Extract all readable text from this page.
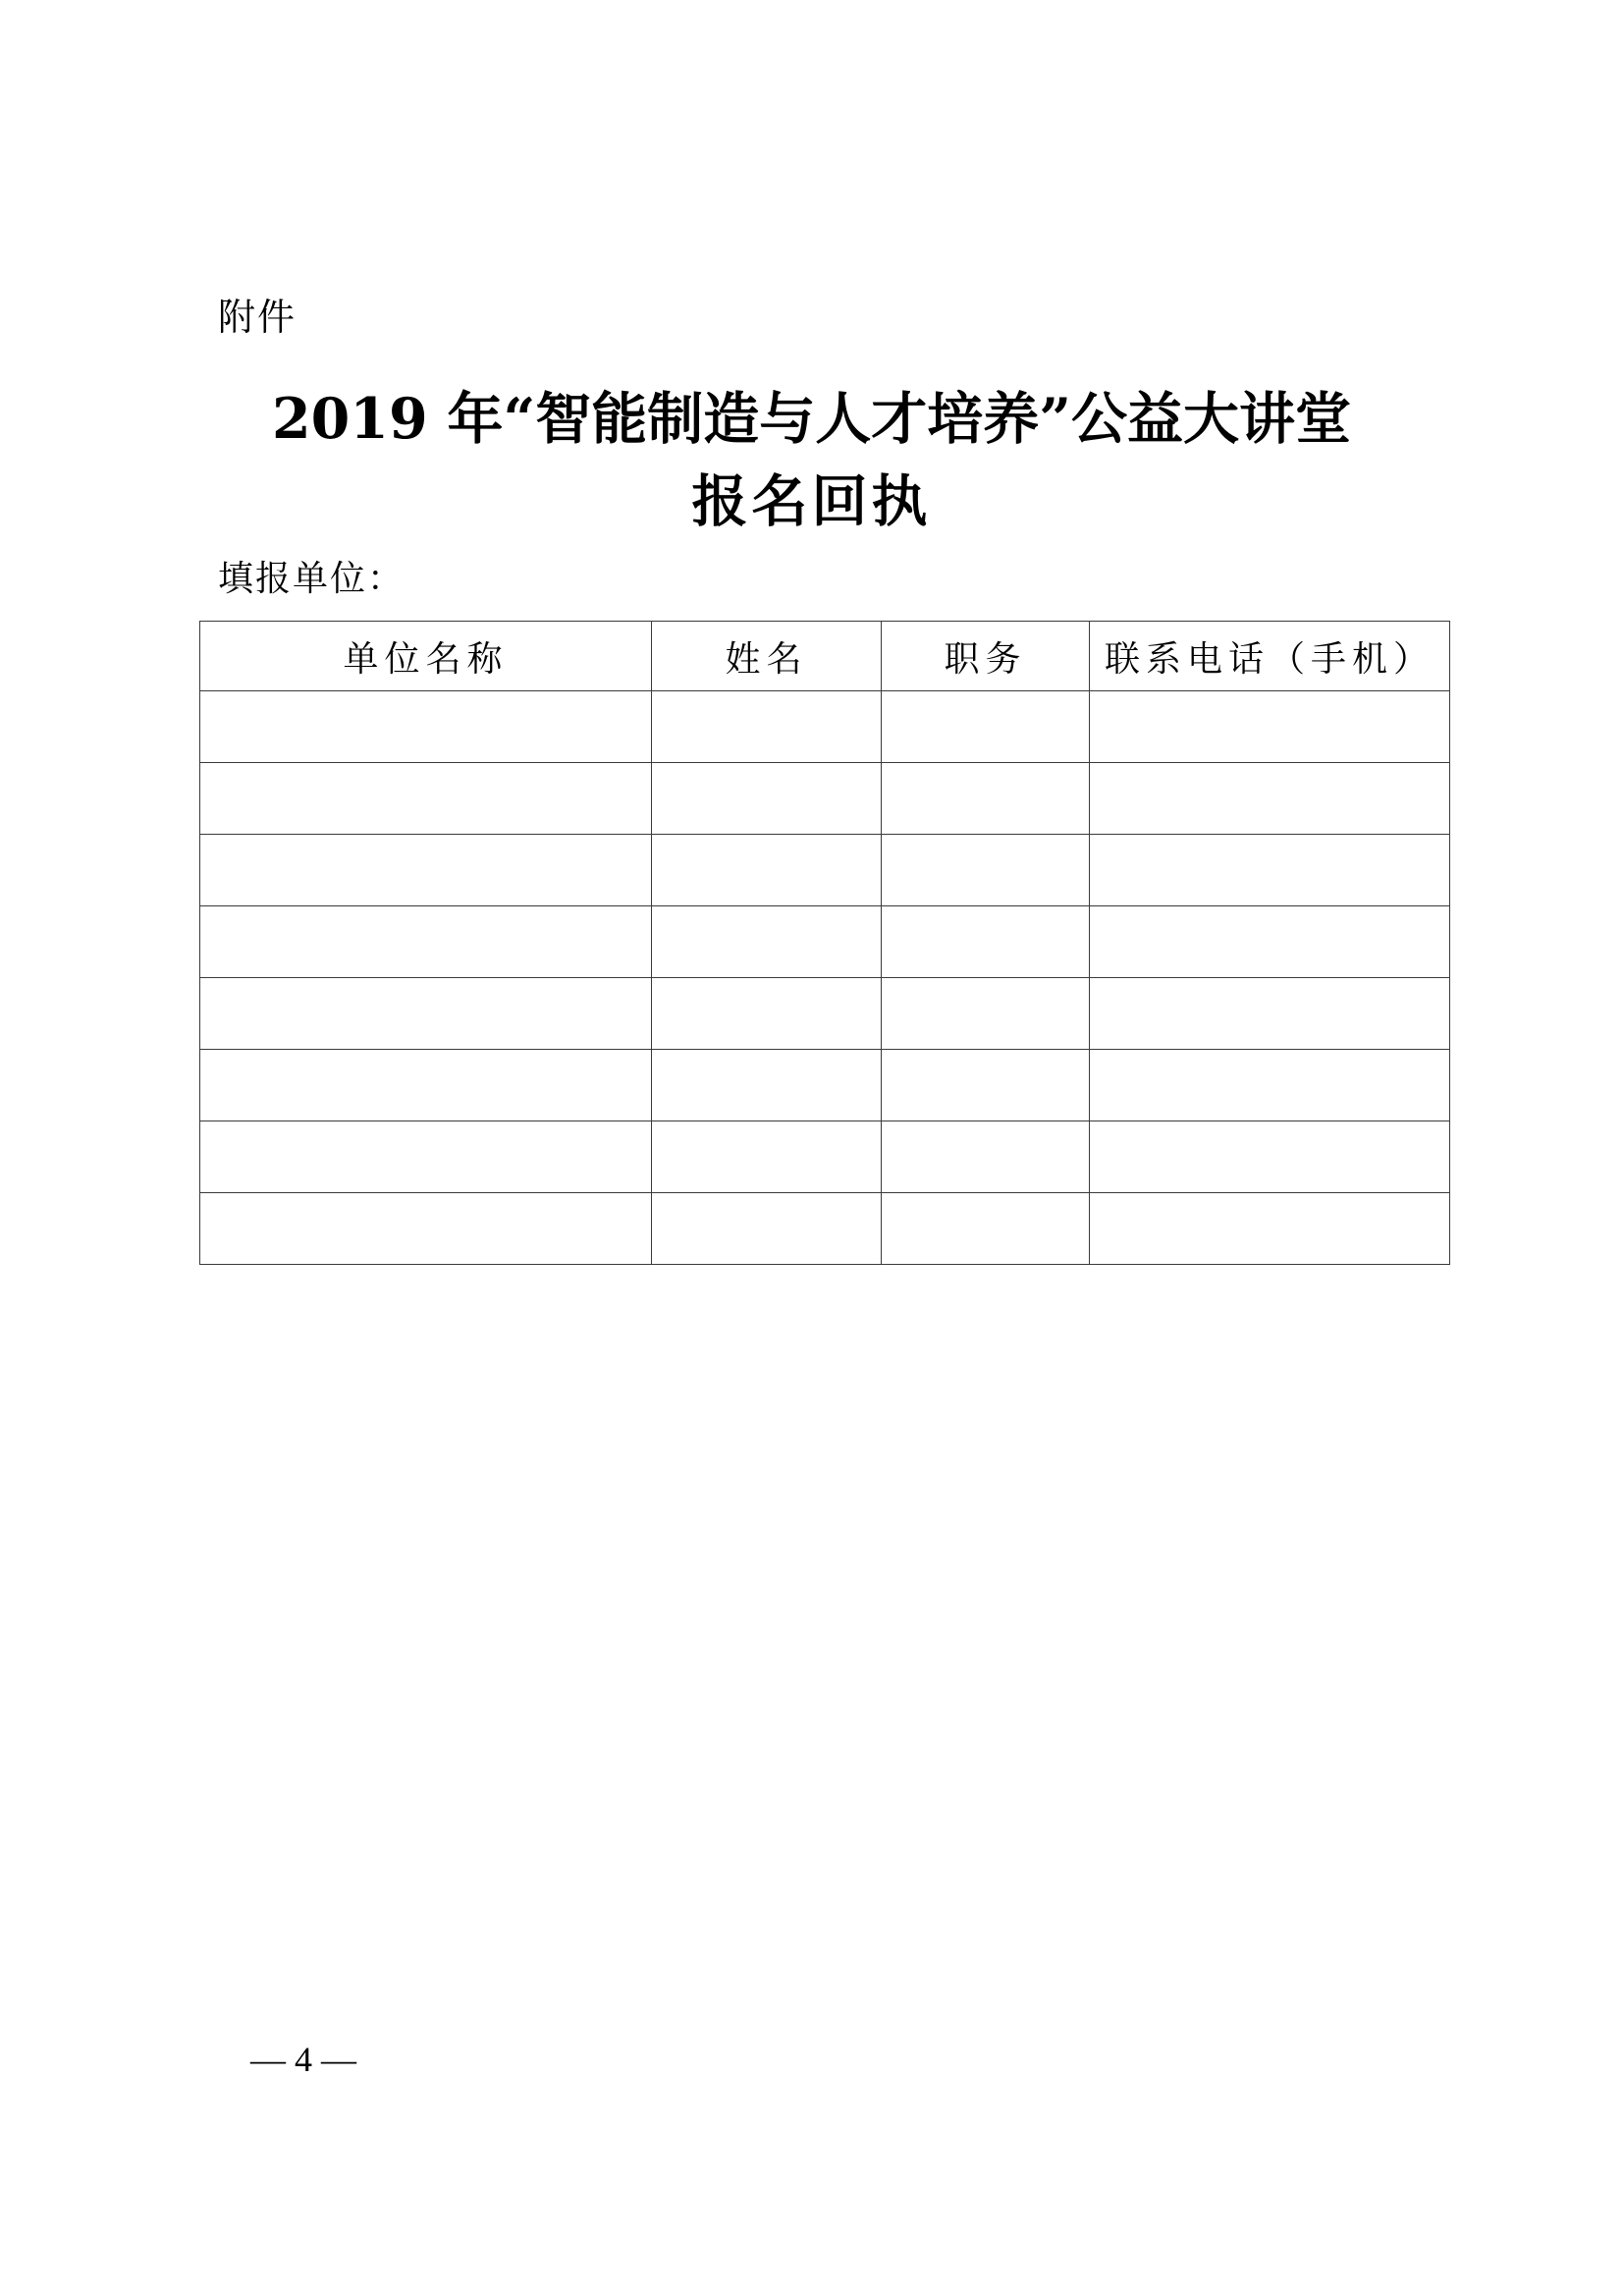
附件
2019 年“智能制造与人才培养”公益大讲堂
报名回执
填报单位：
单位名称	姓名	职务	联系电话（手机）

— 4 —
